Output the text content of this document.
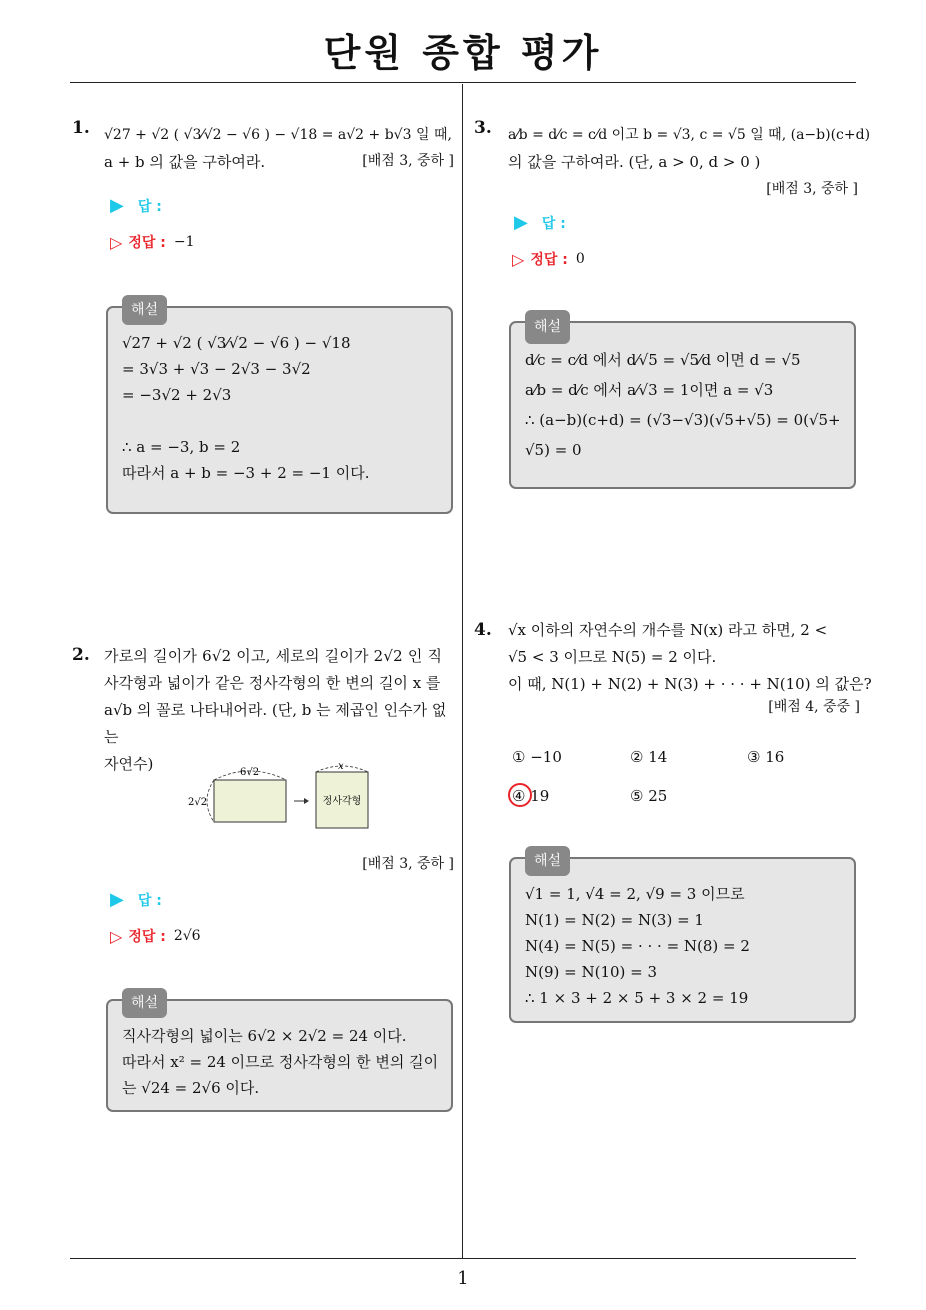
단원 종합 평가
1
1. √27 + √2 ( √3⁄√2 − √6 ) − √18 = a√2 + b√3 일 때,
a + b 의 값을 구하여라.	[배점 3, 중하 ]
▶ 답 :
▷ 정답 : −1
해설
√27 + √2 ( √3⁄√2 − √6 ) − √18
= 3√3 + √3 − 2√3 − 3√2
= −3√2 + 2√3
∴ a = −3, b = 2
따라서 a + b = −3 + 2 = −1 이다.
2. 가로의 길이가 6√2 이고, 세로의 길이가 2√2 인 직
사각형과 넓이가 같은 정사각형의 한 변의 길이 x 를
a√b 의 꼴로 나타내어라. (단, b 는 제곱인 인수가 없는
자연수)	6√2
2√2
x
정사각형
[배점 3, 중하 ]
▶ 답 :
▷ 정답 : 2√6
해설
직사각형의 넓이는 6√2 × 2√2 = 24 이다.
따라서 x² = 24 이므로 정사각형의 한 변의 길이
는 √24 = 2√6 이다.
3. a⁄b = d⁄c = c⁄d 이고 b = √3, c = √5 일 때, (a−b)(c+d)
의 값을 구하여라. (단, a > 0, d > 0 )
[배점 3, 중하 ]
▶ 답 :
▷ 정답 : 0
해설
d⁄c = c⁄d 에서 d⁄√5 = √5⁄d 이면 d = √5
a⁄b = d⁄c 에서 a⁄√3 = 1이면 a = √3
∴ (a−b)(c+d) = (√3−√3)(√5+√5) = 0(√5+
√5) = 0
4. √x 이하의 자연수의 개수를 N(x) 라고 하면, 2 <
√5 < 3 이므로 N(5) = 2 이다.
이 때, N(1) + N(2) + N(3) + · · · + N(10) 의 값은?
[배점 4, 중중 ]
① −10	② 14	③ 16
④ 19	⑤ 25
해설
√1 = 1, √4 = 2, √9 = 3 이므로
N(1) = N(2) = N(3) = 1
N(4) = N(5) = · · · = N(8) = 2
N(9) = N(10) = 3
∴ 1 × 3 + 2 × 5 + 3 × 2 = 19
